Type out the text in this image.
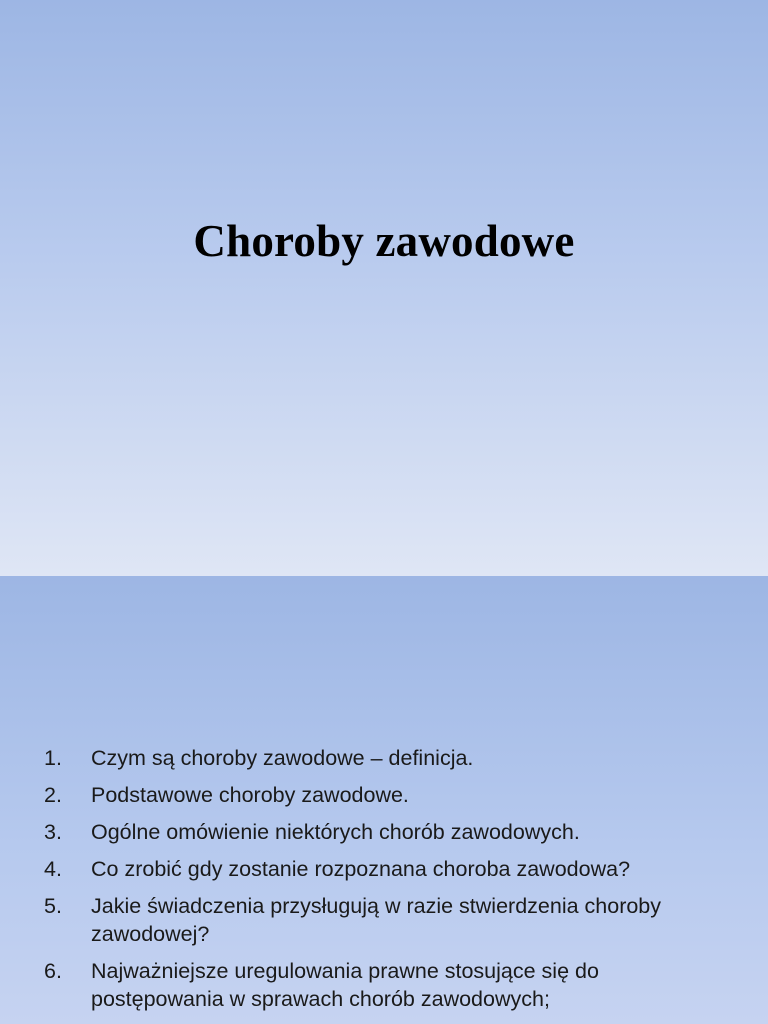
Choroby zawodowe
1.	Czym są choroby zawodowe – definicja.
2.	Podstawowe choroby zawodowe.
3.	Ogólne omówienie niektórych chorób zawodowych.
4.	Co zrobić gdy zostanie rozpoznana choroba zawodowa?
5.	Jakie świadczenia przysługują w razie stwierdzenia choroby zawodowej?
6.	Najważniejsze uregulowania prawne stosujące się do postępowania w sprawach chorób zawodowych;
